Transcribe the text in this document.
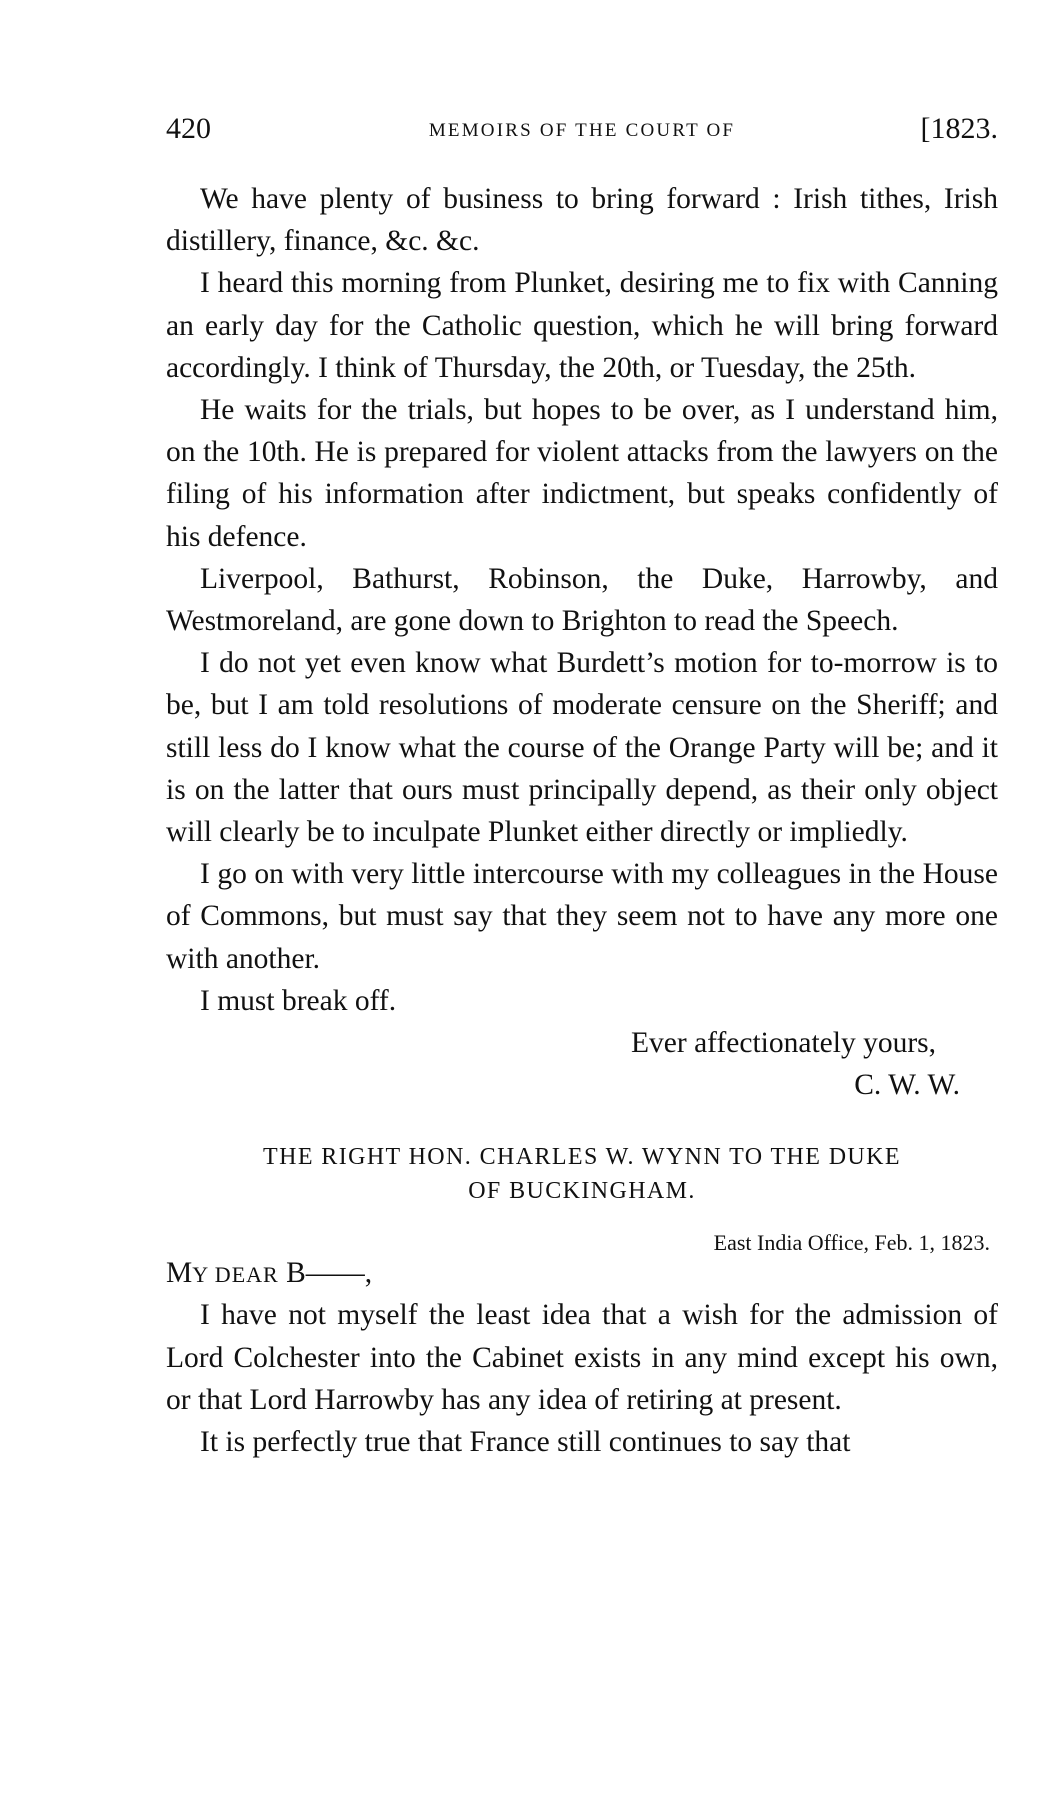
420	MEMOIRS OF THE COURT OF	[1823.

We have plenty of business to bring forward : Irish tithes, Irish distillery, finance, &c. &c.

I heard this morning from Plunket, desiring me to fix with Canning an early day for the Catholic question, which he will bring forward accordingly. I think of Thursday, the 20th, or Tuesday, the 25th.

He waits for the trials, but hopes to be over, as I understand him, on the 10th. He is prepared for violent attacks from the lawyers on the filing of his information after indictment, but speaks confidently of his defence.

Liverpool, Bathurst, Robinson, the Duke, Harrowby, and Westmoreland, are gone down to Brighton to read the Speech.

I do not yet even know what Burdett’s motion for to-morrow is to be, but I am told resolutions of moderate censure on the Sheriff; and still less do I know what the course of the Orange Party will be; and it is on the latter that ours must principally depend, as their only object will clearly be to inculpate Plunket either directly or impliedly.

I go on with very little intercourse with my colleagues in the House of Commons, but must say that they seem not to have any more one with another.

I must break off.

Ever affectionately yours,
C. W. W.
THE RIGHT HON. CHARLES W. WYNN TO THE DUKE
OF BUCKINGHAM.
East India Office, Feb. 1, 1823.
MY DEAR B——,

I have not myself the least idea that a wish for the admission of Lord Colchester into the Cabinet exists in any mind except his own, or that Lord Harrowby has any idea of retiring at present.

It is perfectly true that France still continues to say that
